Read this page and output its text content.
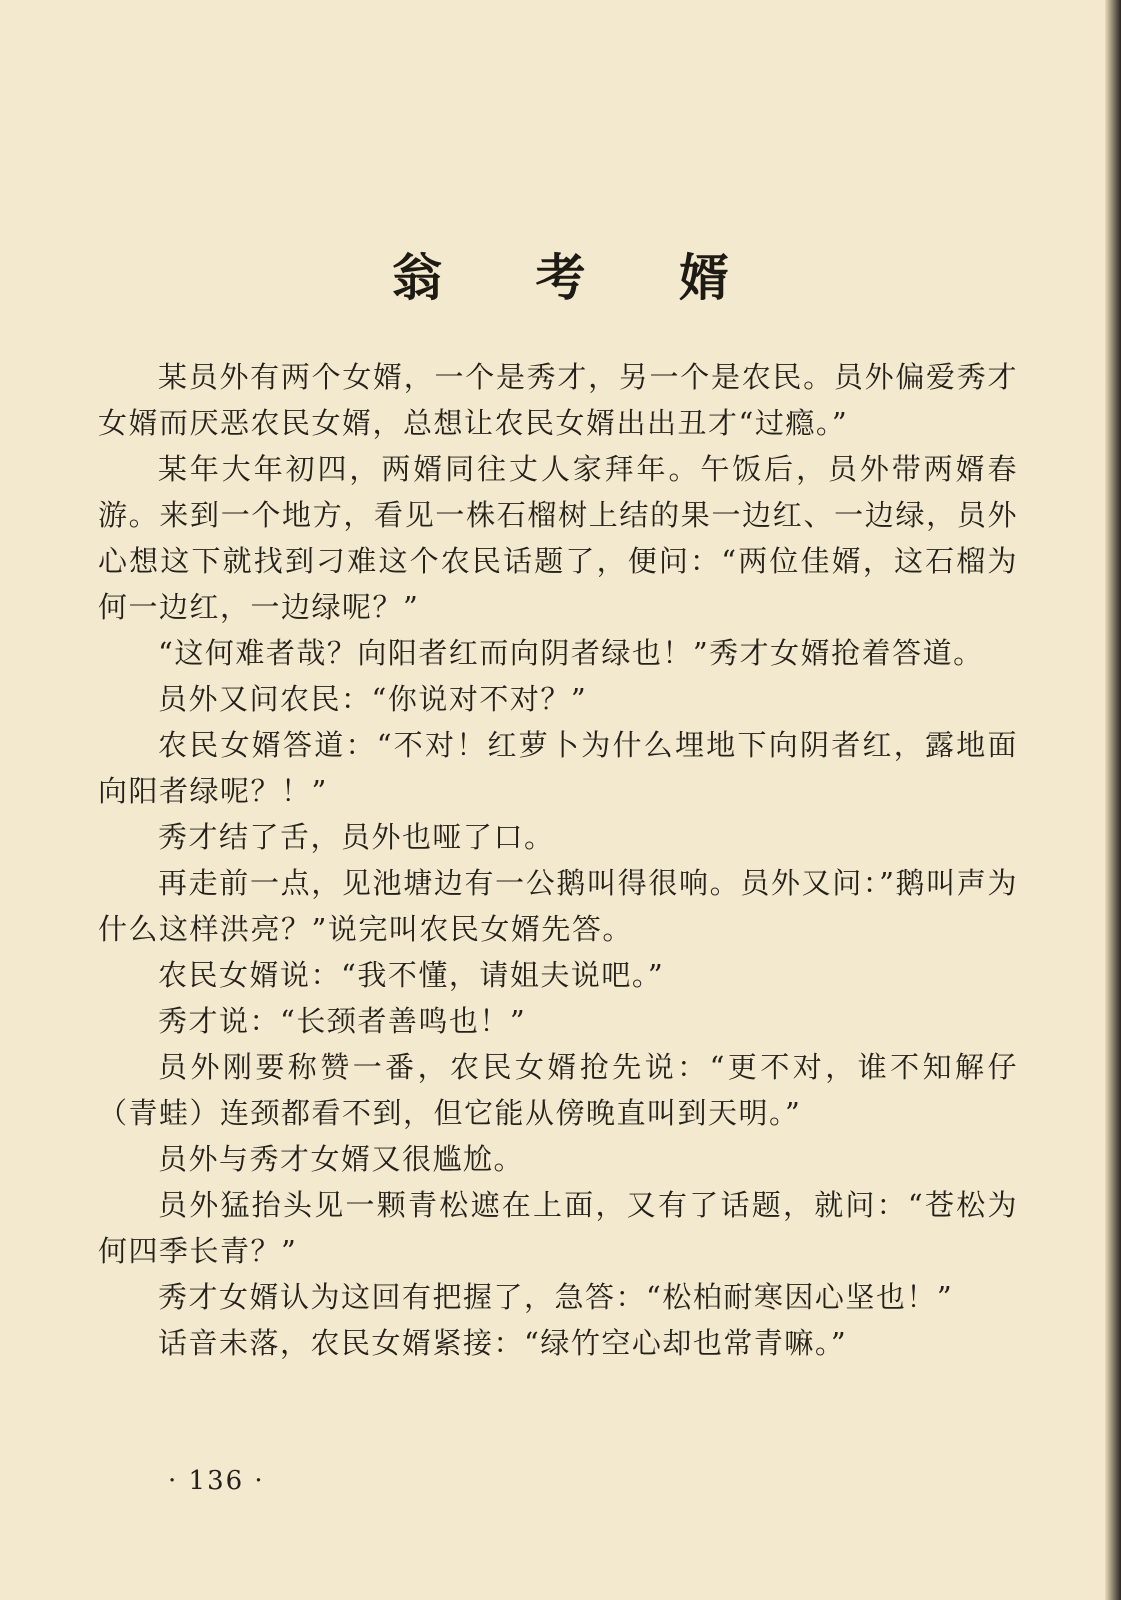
翁 考 婿

某员外有两个女婿，一个是秀才，另一个是农民。员外偏爱秀才女婿而厌恶农民女婿，总想让农民女婿出出丑才“过瘾。”

某年大年初四，两婿同往丈人家拜年。午饭后，员外带两婿春游。来到一个地方，看见一株石榴树上结的果一边红、一边绿，员外心想这下就找到刁难这个农民话题了，便问：“两位佳婿，这石榴为何一边红，一边绿呢？”

“这何难者哉？向阳者红而向阴者绿也！”秀才女婿抢着答道。

员外又问农民：“你说对不对？”

农民女婿答道：“不对！红萝卜为什么埋地下向阴者红，露地面向阳者绿呢？！”

秀才结了舌，员外也哑了口。

再走前一点，见池塘边有一公鹅叫得很响。员外又问：”鹅叫声为什么这样洪亮？”说完叫农民女婿先答。

农民女婿说：“我不懂，请姐夫说吧。”

秀才说：“长颈者善鸣也！”

员外刚要称赞一番，农民女婿抢先说：“更不对，谁不知解仔（青蛙）连颈都看不到，但它能从傍晚直叫到天明。”

员外与秀才女婿又很尴尬。

员外猛抬头见一颗青松遮在上面，又有了话题，就问：“苍松为何四季长青？”

秀才女婿认为这回有把握了，急答：“松柏耐寒因心坚也！”

话音未落，农民女婿紧接：“绿竹空心却也常青嘛。”

· 136 ·
